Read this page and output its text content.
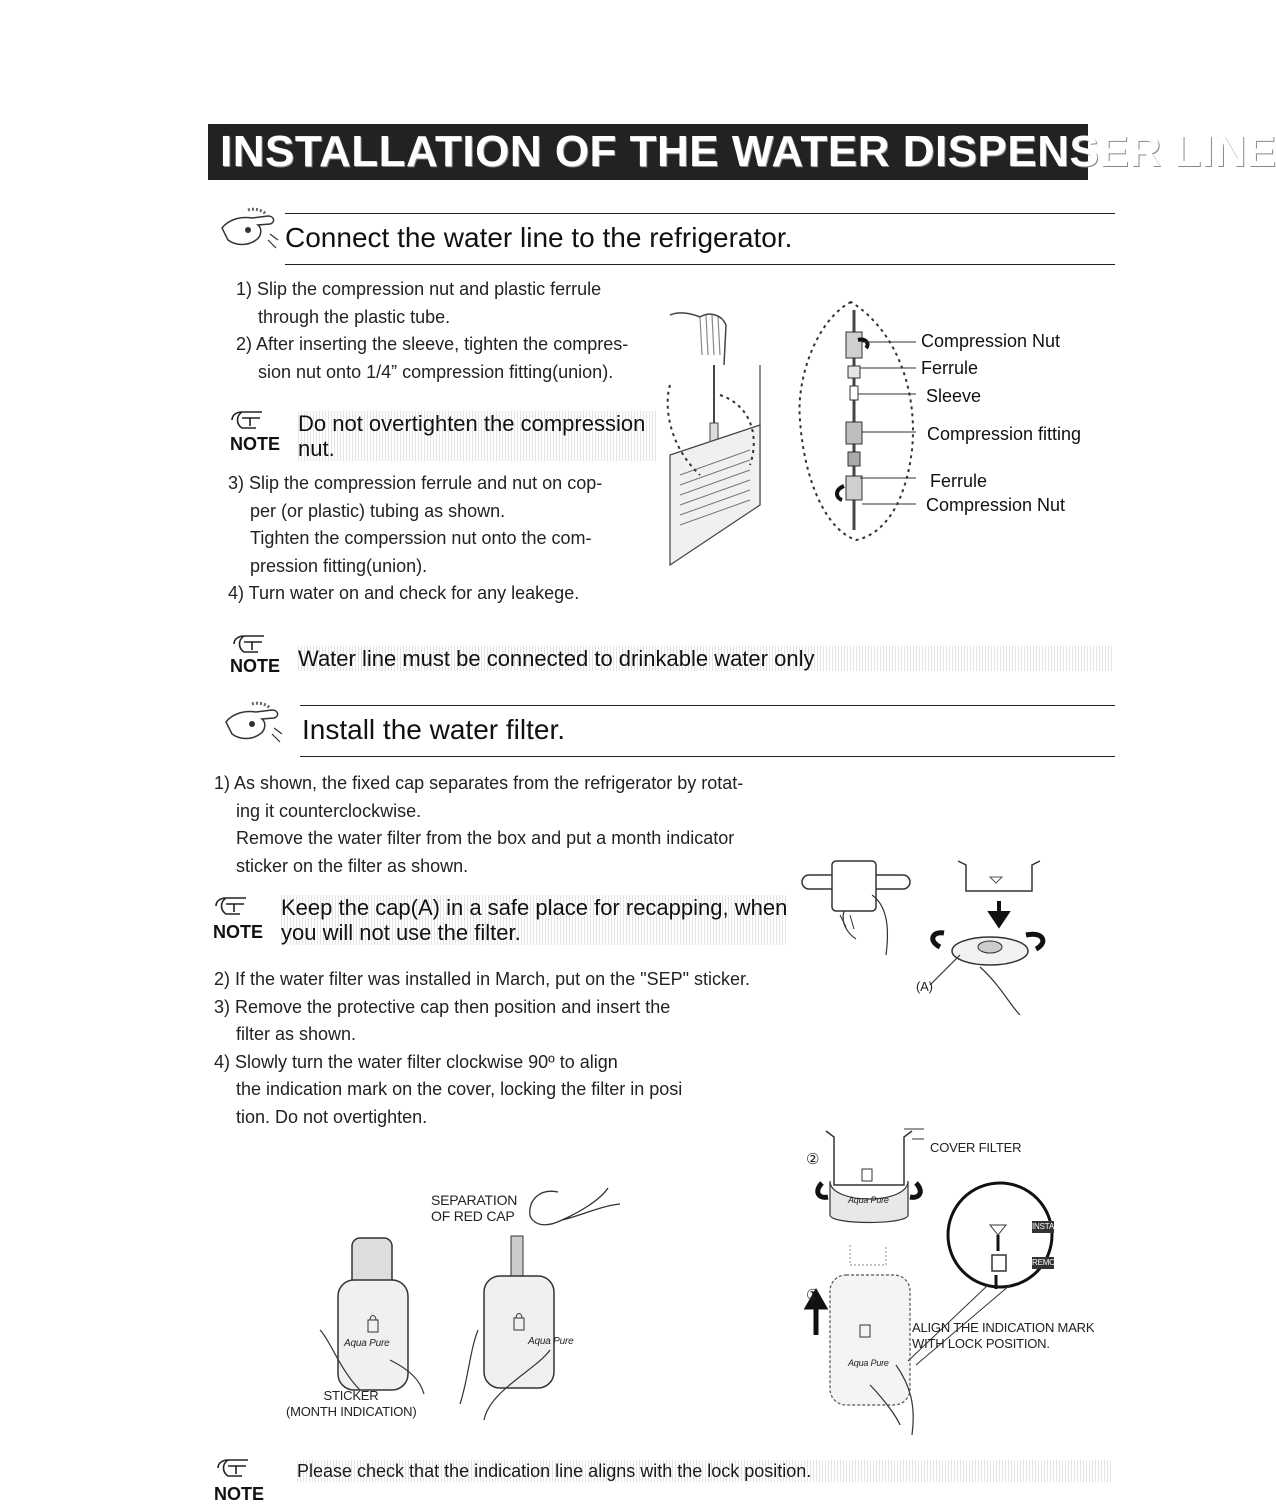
INSTALLATION OF THE WATER DISPENSER LINE
Connect the water line to the refrigerator.

1) Slip the compression nut and plastic ferrule

through the plastic tube.

2) After inserting the sleeve, tighten the compres-

sion nut onto 1/4” compression fitting(union).

NOTE
Do not overtighten the compression
nut.

3) Slip the compression ferrule and nut on cop-

per (or plastic) tubing as shown.

Tighten the comperssion nut onto the com-

pression fitting(union).

4) Turn water on and check for any leakege.

Compression Nut
Ferrule
Sleeve
Compression fitting
Ferrule
Compression Nut
NOTE Water line must be connected to drinkable water only
Install the water filter.

1) As shown, the fixed cap separates from the refrigerator by rotat-

ing it counterclockwise.

Remove the water filter from the box and put a month indicator

sticker on the filter as shown.

NOTE
Keep the cap(A) in a safe place for recapping, when
you will not use the filter.

2) If the water filter was installed in March, put on the "SEP" sticker.

3) Remove the protective cap then position and insert the

filter as shown.

4) Slowly turn the water filter clockwise 90º to align

the indication mark on the cover, locking the filter in posi

tion. Do not overtighten.

(A)
SEPARATION
OF RED CAP
STICKER
(MONTH INDICATION)
Aqua Pure	Aqua Pure
COVER FILTER
②
①
ALIGN THE INDICATION MARK
WITH LOCK POSITION.
INSTA
REMO
Aqua Pure
Aqua Pure
NOTE
Please check that the indication line aligns with the lock position.
